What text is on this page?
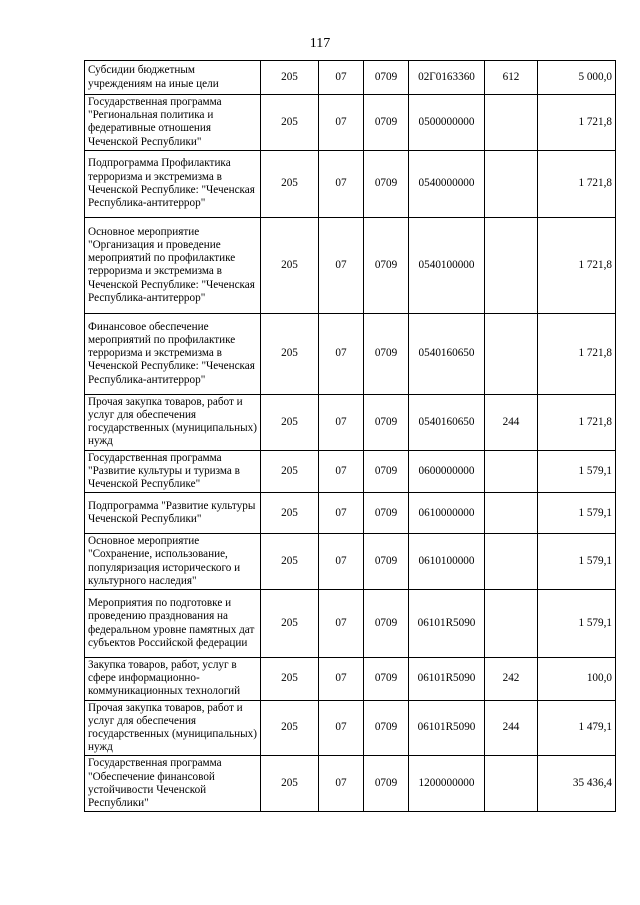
117
Субсидии бюджетным учреждениям на иные цели	205	07	0709	02Г0163360	612	5 000,0
Государственная программа "Региональная политика и федеративные отношения Чеченской Республики"	205	07	0709	0500000000		1 721,8
Подпрограмма Профилактика терроризма и экстремизма в Чеченской Республике: "Чеченская Республика-антитеррор"	205	07	0709	0540000000		1 721,8
Основное мероприятие "Организация и проведение мероприятий по профилактике терроризма и экстремизма в Чеченской Республике: "Чеченская Республика-антитеррор"	205	07	0709	0540100000		1 721,8
Финансовое обеспечение мероприятий по профилактике терроризма и экстремизма в Чеченской Республике: "Чеченская Республика-антитеррор"	205	07	0709	0540160650		1 721,8
Прочая закупка товаров, работ и услуг для обеспечения государственных (муниципальных) нужд	205	07	0709	0540160650	244	1 721,8
Государственная программа "Развитие культуры и туризма в Чеченской Республике"	205	07	0709	0600000000		1 579,1
Подпрограмма "Развитие культуры Чеченской Республики"	205	07	0709	0610000000		1 579,1
Основное мероприятие "Сохранение, использование, популяризация исторического и культурного наследия"	205	07	0709	0610100000		1 579,1
Мероприятия по подготовке и проведению празднования на федеральном уровне памятных дат субъектов Российской федерации	205	07	0709	06101R5090		1 579,1
Закупка товаров, работ, услуг в сфере информационно-коммуникационных технологий	205	07	0709	06101R5090	242	100,0
Прочая закупка товаров, работ и услуг для обеспечения государственных (муниципальных) нужд	205	07	0709	06101R5090	244	1 479,1
Государственная программа "Обеспечение финансовой устойчивости Чеченской Республики"	205	07	0709	1200000000		35 436,4
